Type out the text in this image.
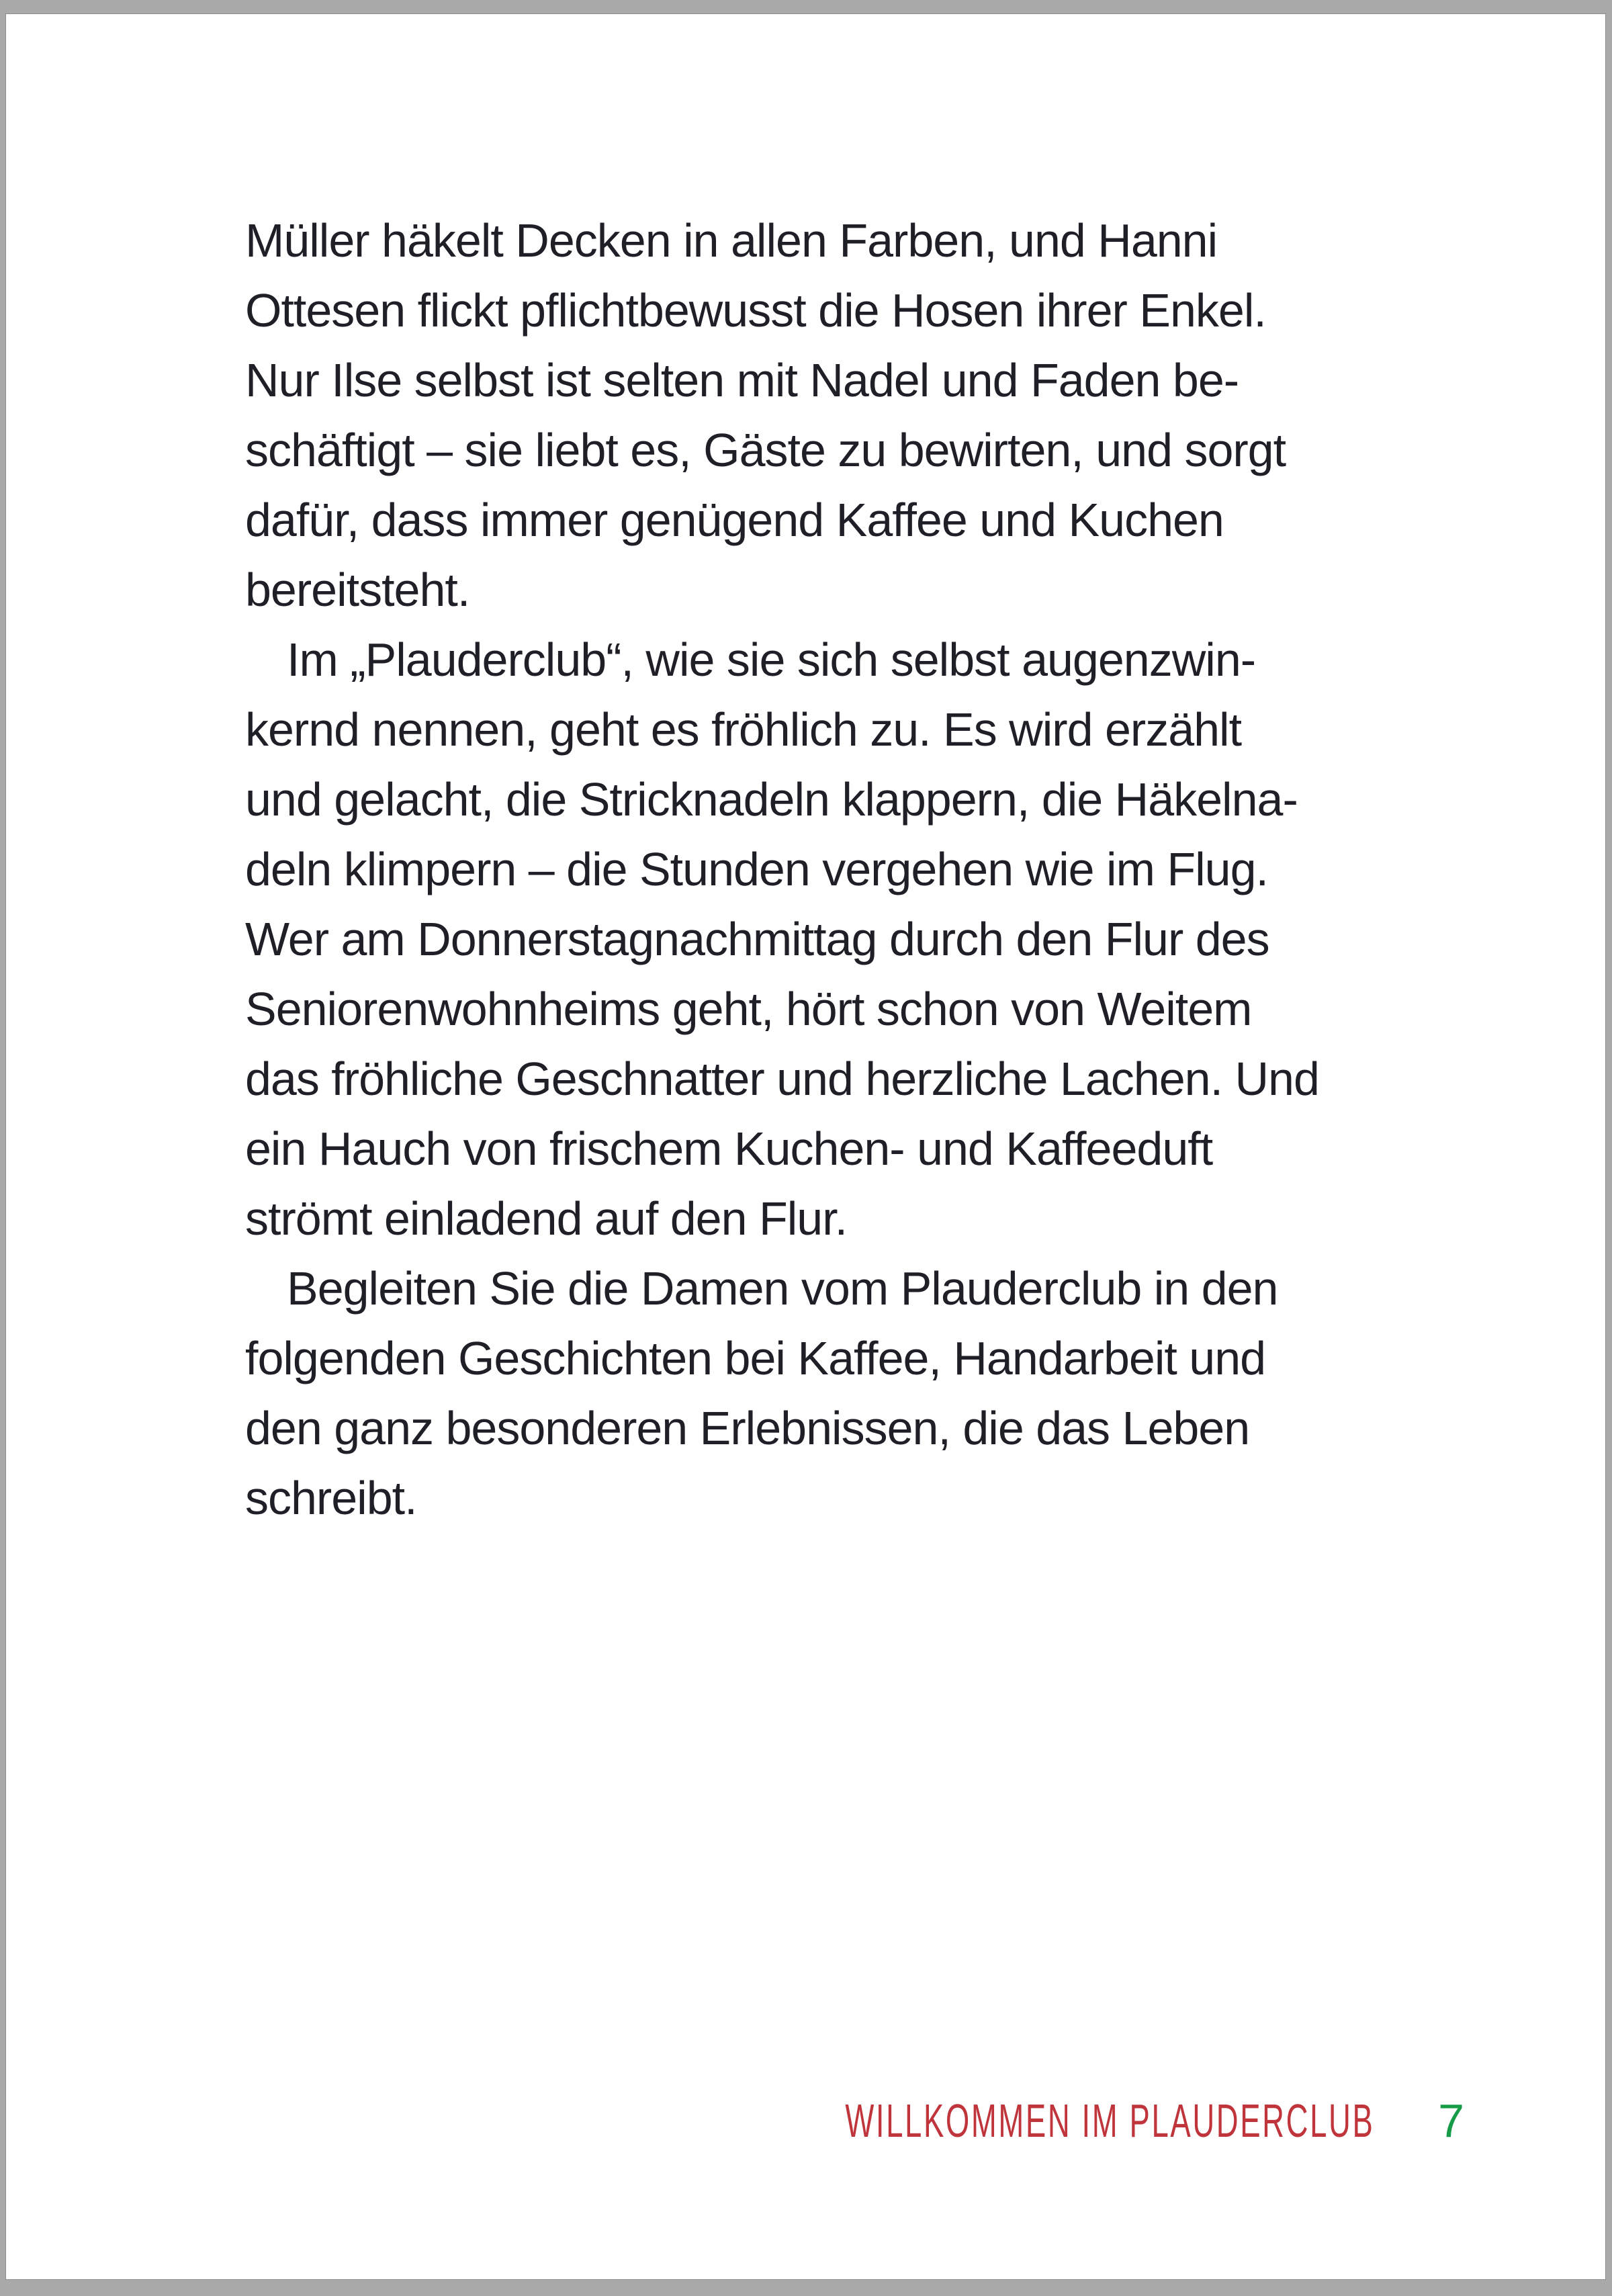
Müller häkelt Decken in allen Farben, und Hanni
Ottesen flickt pflichtbewusst die Hosen ihrer Enkel.
Nur Ilse selbst ist selten mit Nadel und Faden be-
schäftigt – sie liebt es, Gäste zu bewirten, und sorgt
dafür, dass immer genügend Kaffee und Kuchen
bereitsteht.
Im „Plauderclub“, wie sie sich selbst augenzwin-
kernd nennen, geht es fröhlich zu. Es wird erzählt
und gelacht, die Stricknadeln klappern, die Häkelna-
deln klimpern – die Stunden vergehen wie im Flug.
Wer am Donnerstagnachmittag durch den Flur des
Seniorenwohnheims geht, hört schon von Weitem
das fröhliche Geschnatter und herzliche Lachen. Und
ein Hauch von frischem Kuchen- und Kaffeeduft
strömt einladend auf den Flur.
Begleiten Sie die Damen vom Plauderclub in den
folgenden Geschichten bei Kaffee, Handarbeit und
den ganz besonderen Erlebnissen, die das Leben
schreibt.
WILLKOMMEN IM PLAUDERCLUB 7
